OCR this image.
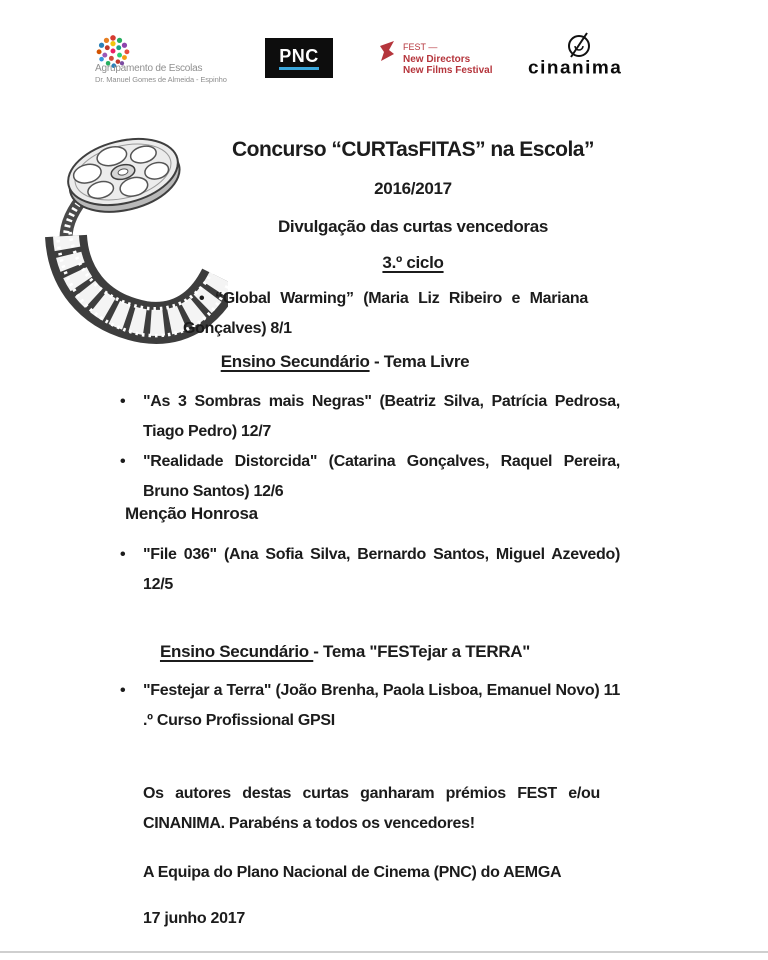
Agrupamento de Escolas
Dr. Manuel Gomes de Almeida - Espinho
PNC	FEST —
New Directors
New Films Festival cinanima
Concurso “CURTasFITAS” na Escola”
2016/2017
Divulgação das curtas vencedoras
3.º ciclo
•“Global Warming” (Maria Liz Ribeiro e Mariana Gonçalves) 8/1
Ensino Secundário - Tema Livre
•"As 3 Sombras mais Negras" (Beatriz Silva, Patrícia Pedrosa, Tiago Pedro) 12/7
•"Realidade Distorcida" (Catarina Gonçalves, Raquel Pereira, Bruno Santos) 12/6
Menção Honrosa
•"File 036" (Ana Sofia Silva, Bernardo Santos, Miguel Azevedo) 12/5
Ensino Secundário - Tema "FESTejar a TERRA"
•"Festejar a Terra" (João Brenha, Paola Lisboa, Emanuel Novo) 11 .º Curso Profissional GPSI
Os autores destas curtas ganharam prémios FEST e/ou CINANIMA. Parabéns a todos os vencedores!
A Equipa do Plano Nacional de Cinema (PNC) do AEMGA
17 junho 2017
